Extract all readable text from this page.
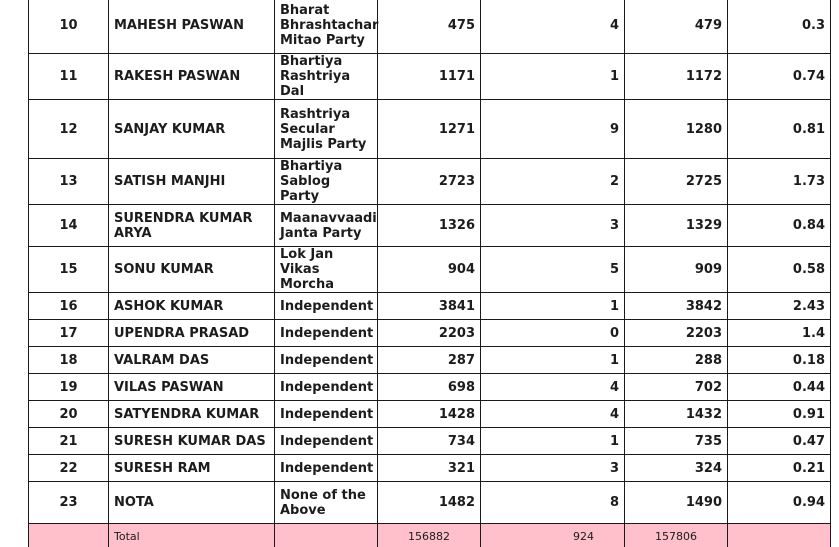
10	MAHESH PASWAN	Bharat Bhrashtachar Mitao Party	475	4	479	0.3
11	RAKESH PASWAN	Bhartiya Rashtriya Dal	1171	1	1172	0.74
12	SANJAY KUMAR	Rashtriya Secular Majlis Party	1271	9	1280	0.81
13	SATISH MANJHI	Bhartiya Sablog Party	2723	2	2725	1.73
14	SURENDRA KUMAR ARYA	Maanavvaadi Janta Party	1326	3	1329	0.84
15	SONU KUMAR	Lok Jan Vikas Morcha	904	5	909	0.58
16	ASHOK KUMAR	Independent	3841	1	3842	2.43
17	UPENDRA PRASAD	Independent	2203	0	2203	1.4
18	VALRAM DAS	Independent	287	1	288	0.18
19	VILAS PASWAN	Independent	698	4	702	0.44
20	SATYENDRA KUMAR	Independent	1428	4	1432	0.91
21	SURESH KUMAR DAS	Independent	734	1	735	0.47
22	SURESH RAM	Independent	321	3	324	0.21
23	NOTA	None of the Above	1482	8	1490	0.94
	Total		156882	924	157806	
